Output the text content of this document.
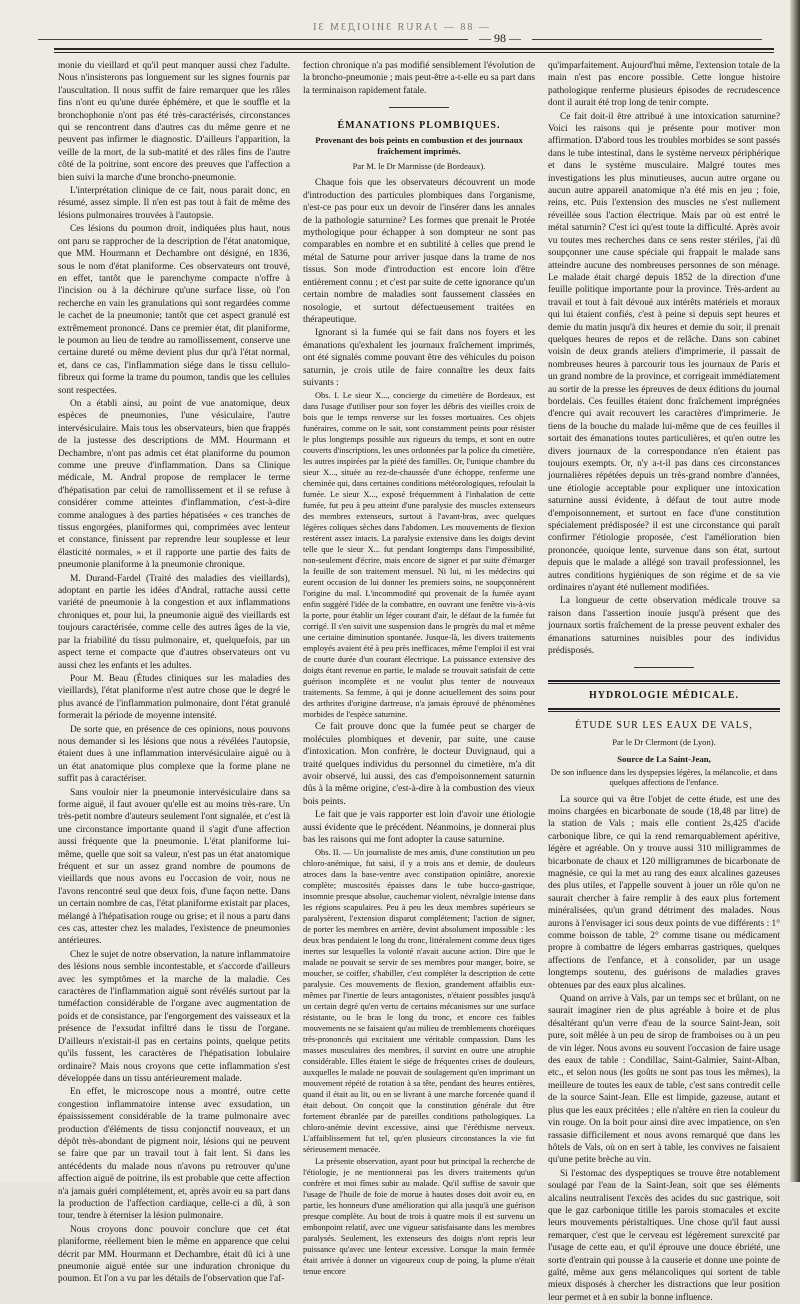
— 88 — JAЯUЯ ЗИІОІДЗМ ЗІ
— 98 —

monie du vieillard et qu'il peut manquer aussi chez l'adulte. Nous n'insisterons pas longuement sur les signes fournis par l'auscultation. Il nous suffit de faire remarquer que les râles fins n'ont eu qu'une durée éphémère, et que le souffle et la bronchophonie n'ont pas été très-caractérisés, circonstances qui se rencontrent dans d'autres cas du même genre et ne peuvent pas infirmer le diagnostic. D'ailleurs l'apparition, la veille de la mort, de la sub-matité et des râles fins de l'autre côté de la poitrine, sont encore des preuves que l'affection a bien suivi la marche d'une broncho-pneumonie.

L'interprétation clinique de ce fait, nous parait donc, en résumé, assez simple. Il n'en est pas tout à fait de même des lésions pulmonaires trouvées à l'autopsie.

Ces lésions du poumon droit, indiquées plus haut, nous ont paru se rapprocher de la description de l'état anatomique, que MM. Hourmann et Dechambre ont désigné, en 1836, sous le nom d'état planiforme. Ces observateurs ont trouvé, en effet, tantôt que le parenchyme compacte n'offre à l'incision ou à la déchirure qu'une surface lisse, où l'on recherche en vain les granulations qui sont regardées comme le cachet de la pneumonie; tantôt que cet aspect granulé est extrêmement prononcé. Dans ce premier état, dit planiforme, le poumon au lieu de tendre au ramollissement, conserve une certaine dureté ou même devient plus dur qu'à l'état normal, et, dans ce cas, l'inflammation siége dans le tissu cellulo-fibreux qui forme la trame du poumon, tandis que les cellules sont respectées.

On a établi ainsi, au point de vue anatomique, deux espèces de pneumonies, l'une vésiculaire, l'autre intervésiculaire. Mais tous les observateurs, bien que frappés de la justesse des descriptions de MM. Hourmann et Dechambre, n'ont pas admis cet état planiforme du poumon comme une preuve d'inflammation. Dans sa Clinique médicale, M. Andral propose de remplacer le terme d'hépatisation par celui de ramollissement et il se refuse à considérer comme atteintes d'inflammation, c'est-à-dire comme analogues à des parties hépatisées « ces tranches de tissus engorgées, planiformes qui, comprimées avec lenteur et constance, finissent par reprendre leur souplesse et leur élasticité normales, » et il rapporte une partie des faits de pneumonie planiforme à la pneumonie chronique.

M. Durand-Fardel (Traité des maladies des vieillards), adoptant en partie les idées d'Andral, rattache aussi cette variété de pneumonie à la congestion et aux inflammations chroniques et, pour lui, la pneumonie aiguë des vieillards est toujours caractérisée, comme celle des autres âges de la vie, par la friabilité du tissu pulmonaire, et, quelquefois, par un aspect terne et compacte que d'autres observateurs ont vu aussi chez les enfants et les adultes.

Pour M. Beau (Études cliniques sur les maladies des vieillards), l'état planiforme n'est autre chose que le degré le plus avancé de l'inflammation pulmonaire, dont l'état granulé formerait la période de moyenne intensité.

De sorte que, en présence de ces opinions, nous pouvons nous demander si les lésions que nous a révélées l'autopsie, étaient dues à une inflammation intervésiculaire aiguë ou à un état anatomique plus complexe que la forme plane ne suffit pas à caractériser.

Sans vouloir nier la pneumonie intervésiculaire dans sa forme aiguë, il faut avouer qu'elle est au moins très-rare. Un très-petit nombre d'auteurs seulement l'ont signalée, et c'est là une circonstance importante quand il s'agit d'une affection aussi fréquente que la pneumonie. L'état planiforme lui-même, quelle que soit sa valeur, n'est pas un état anatomique fréquent et sur un assez grand nombre de poumons de vieillards que nous avons eu l'occasion de voir, nous ne l'avons rencontré seul que deux fois, d'une façon nette. Dans un certain nombre de cas, l'état planiforme existait par places, mélangé à l'hépatisation rouge ou grise; et il nous a paru dans ces cas, attester chez les malades, l'existence de pneumonies antérieures.

Chez le sujet de notre observation, la nature inflammatoire des lésions nous semble incontestable, et s'accorde d'ailleurs avec les symptômes et la marche de la maladie. Ces caractères de l'inflammation aiguë sont révélés surtout par la tuméfaction considérable de l'organe avec augmentation de poids et de consistance, par l'engorgement des vaisseaux et la présence de l'exsudat infiltré dans le tissu de l'organe. D'ailleurs n'existait-il pas en certains points, quelque petits qu'ils fussent, les caractères de l'hépatisation lobulaire ordinaire? Mais nous croyons que cette inflammation s'est développée dans un tissu antérieurement malade.

En effet, le microscope nous a montré, outre cette congestion inflammatoire intense avec exsudation, un épaississement considérable de la trame pulmonaire avec production d'éléments de tissu conjonctif nouveaux, et un dépôt très-abondant de pigment noir, lésions qui ne peuvent se faire que par un travail tout à fait lent. Si dans les antécédents du malade nous n'avons pu retrouver qu'une affection aiguë de poitrine, ils est probable que cette affection n'a jamais guéri complétement, et, après avoir eu sa part dans la production de l'affection cardiaque, celle-ci a dû, à son tour, tendre à éterniser la lésion pulmonaire.

Nous croyons donc pouvoir conclure que cet état planiforme, réellement bien le même en apparence que celui décrit par MM. Hourmann et Dechambre, était dû ici à une pneumonie aiguë entée sur une induration chronique du poumon. Et l'on a vu par les détails de l'observation que l'af-

fection chronique n'a pas modifié sensiblement l'évolution de la broncho-pneumonie ; mais peut-être a-t-elle eu sa part dans la terminaison rapidement fatale.

ÉMANATIONS PLOMBIQUES.

Provenant des bois peints en combustion et des journaux fraîchement imprimés.

Par M. le Dr Marmisse (de Bordeaux).

Chaque fois que les observateurs découvrent un mode d'introduction des particules plombiques dans l'organisme, n'est-ce pas pour eux un devoir de l'insérer dans les annales de la pathologie saturnine? Les formes que prenait le Protée mythologique pour échapper à son dompteur ne sont pas comparables en nombre et en subtilité à celles que prend le métal de Saturne pour arriver jusque dans la trame de nos tissus. Son mode d'introduction est encore loin d'être entièrement connu ; et c'est par suite de cette ignorance qu'un certain nombre de maladies sont faussement classées en nosologie, et surtout défectueusement traitées en thérapeutique.

Ignorant si la fumée qui se fait dans nos foyers et les émanations qu'exhalent les journaux fraîchement imprimés, ont été signalés comme pouvant être des véhicules du poison saturnin, je crois utile de faire connaître les deux faits suivants :

Obs. I. Le sieur X..., concierge du cimetière de Bordeaux, est dans l'usage d'utiliser pour son foyer les débris des vieilles croix de bois que le temps renverse sur les fosses mortuaires. Ces objets funéraires, comme on le sait, sont constamment peints pour résister le plus longtemps possible aux rigueurs du temps, et sont en outre couverts d'inscriptions, les unes ordonnées par la police du cimetière, les autres inspirées par la piété des familles. Or, l'unique chambre du sieur X..., située au rez-de-chaussée d'une échoppe, renferme une cheminée qui, dans certaines conditions météorologiques, refoulait la fumée. Le sieur X..., exposé fréquemment à l'inhalation de cette fumée, fut peu à peu atteint d'une paralysie des muscles extenseurs des membres extenseurs, surtout à l'avant-bras, avec quelques légères coliques sèches dans l'abdomen. Les mouvements de flexion restèrent assez intacts. La paralysie extensive dans les doigts devint telle que le sieur X... fut pendant longtemps dans l'impossibilité, non-seulement d'écrire, mais encore de signer et par suite d'émarger la feuille de son traitement mensuel. Ni lui, ni les médecins qui eurent occasion de lui donner les premiers soins, ne soupçonnèrent l'origine du mal. L'incommodité qui provenait de la fumée ayant enfin suggéré l'idée de la combattre, en ouvrant une fenêtre vis-à-vis la porte, pour établir un léger courant d'air, le défaut de la fumée fut corrigé. Il s'en suivit une suspension dans le progrès du mal et même une certaine diminution spontanée. Jusque-là, les divers traitements employés avaient été à peu près inefficaces, même l'emploi il est vrai de courte durée d'un courant électrique. La puissance extensive des doigts étant revenue en partie, le malade se trouvait satisfait de cette guérison incomplète et ne voulut plus tenter de nouveaux traitements. Sa femme, à qui je donne actuellement des soins pour des arthrites d'origine dartreuse, n'a jamais éprouvé de phénomènes morbides de l'espèce saturnine.

Ce fait prouve donc que la fumée peut se charger de molécules plombiques et devenir, par suite, une cause d'intoxication. Mon confrère, le docteur Duvignaud, qui a traité quelques individus du personnel du cimetière, m'a dit avoir observé, lui aussi, des cas d'empoisonnement saturnin dûs à la même origine, c'est-à-dire à la combustion des vieux bois peints.

Le fait que je vais rapporter est loin d'avoir une étiologie aussi évidente que le précédent. Néanmoins, je donnerai plus bas les raisons qui me font adopter la cause saturnine.

Obs. II. — Un journaliste de mes amis, d'une constitution un peu chloro-anémique, fut saisi, il y a trois ans et demie, de douleurs atroces dans la base-ventre avec constipation opiniâtre, anorexie complète; muscosités épaisses dans le tube bucco-gastrique, insomnie presque absolue, cauchemar violent, névralgie intense dans les régions scapulaires. Peu à peu les deux membres supérieurs se paralysèrent, l'extension disparut complétement; l'action de signer, de porter les membres en arrière, devint absolument impossible : les deux bras pendaient le long du tronc, littéralement comme deux tiges inertes sur lesquelles la volonté n'avait aucune action. Dire que le malade ne pouvait se servir de ses membres pour manger, boire, se moucher, se coiffer, s'habiller, c'est compléter la description de cette paralysie. Ces mouvements de flexion, grandement affaiblis eux-mêmes par l'inertie de leurs antagonistes, n'étaient possibles jusqu'à un certain degré qu'en vertu de certains mécanismes sur une surface résistante, ou le bras le long du tronc, et encore ces faibles mouvements ne se faisaient qu'au milieu de tremblements choréiques très-prononcés qui excitaient une véritable compassion. Dans les masses musculaires des membres, il survint en outre une atrophie considérable. Elles étaient le siége de fréquentes crises de douleurs, auxquelles le malade ne pouvait de soulagement qu'en imprimant un mouvement répété de rotation à sa tête, pendant des heures entières, quand il était au lit, ou en se livrant à une marche forcenée quand il était debout. On conçoit que la constitution générale dut être fortement ébranlée par de pareilles conditions pathologiques. La chloro-anémie devint excessive, ainsi que l'éréthisme nerveux. L'affaiblissement fut tel, qu'en plusieurs circonstances la vie fut sérieusement menacée.

La présente observation, ayant pour but principal la recherche de l'étiologie, je ne mentionnerai pas les divers traitements qu'un confrère et moi fîmes subir au malade. Qu'il suffise de savoir que l'usage de l'huile de foie de morue à hautes doses doit avoir eu, en partie, les honneurs d'une amélioration qui alla jusqu'à une guérison presque complète. Au bout de trois à quatre mois il est survenu un embonpoint relatif, avec une vigueur satisfaisante dans les membres paralysés. Seulement, les extenseurs des doigts n'ont repris leur puissance qu'avec une lenteur excessive. Lorsque la main fermée était arrivée à donner un vigoureux coup de poing, la plume n'était tenue encore

qu'imparfaitement. Aujourd'hui même, l'extension totale de la main n'est pas encore possible. Cette longue histoire pathologique renferme plusieurs épisodes de recrudescence dont il aurait été trop long de tenir compte.

Ce fait doit-il être attribué à une intoxication saturnine? Voici les raisons qui je présente pour motiver mon affirmation. D'abord tous les troubles morbides se sont passés dans le tube intestinal, dans le système nerveux périphérique et dans le système musculaire. Malgré toutes mes investigations les plus minutieuses, aucun autre organe ou aucun autre appareil anatomique n'a été mis en jeu ; foie, reins, etc. Puis l'extension des muscles ne s'est nullement réveillée sous l'action électrique. Mais par où est entré le métal saturnin? C'est ici qu'est toute la difficulté. Après avoir vu toutes mes recherches dans ce sens rester stériles, j'ai dû soupçonner une cause spéciale qui frappait le malade sans atteindre aucune des nombreuses personnes de son ménage. Le malade était chargé depuis 1852 de la direction d'une feuille politique importante pour la province. Très-ardent au travail et tout à fait dévoué aux intérêts matériels et moraux qui lui étaient confiés, c'est à peine si depuis sept heures et demie du matin jusqu'à dix heures et demie du soir, il prenait quelques heures de repos et de relâche. Dans son cabinet voisin de deux grands ateliers d'imprimerie, il passait de nombreuses heures à parcourir tous les journaux de Paris et un grand nombre de la province, et corrigeait immédiatement au sortir de la presse les épreuves de deux éditions du journal bordelais. Ces feuilles étaient donc fraîchement imprégnées d'encre qui avait recouvert les caractères d'imprimerie. Je tiens de la bouche du malade lui-même que de ces feuilles il sortait des émanations toutes particulières, et qu'en outre les divers journaux de la correspondance n'en étaient pas toujours exempts. Or, n'y a-t-il pas dans ces circonstances journalières répétées depuis un très-grand nombre d'années, une étiologie acceptable pour expliquer une intoxication saturnine aussi évidente, à défaut de tout autre mode d'empoisonnement, et surtout en face d'une constitution spécialement prédisposée? il est une circonstance qui paraît confirmer l'étiologie proposée, c'est l'amélioration bien prononcée, quoique lente, survenue dans son état, surtout depuis que le malade a allégé son travail professionnel, les autres conditions hygiéniques de son régime et de sa vie ordinaires n'ayant été nullement modifiées.

La longueur de cette observation médicale trouve sa raison dans l'assertion inouïe jusqu'à présent que des journaux sortis fraîchement de la presse peuvent exhaler des émanations saturnines nuisibles pour des individus prédisposés.

HYDROLOGIE MÉDICALE.

ÉTUDE SUR LES EAUX DE VALS,

Par le Dr Clermont (de Lyon).

Source de La Saint-Jean,

De son influence dans les dyspepsies légères, la mélancolie, et dans quelques affections de l'enfance.

La source qui va être l'objet de cette étude, est une des moins chargées en bicarbonate de soude (18,48 par litre) de la station de Vals ; mais elle contient 2s,425 d'acide carbonique libre, ce qui la rend remarquablement apéritive, légère et agréable. On y trouve aussi 310 milligrammes de bicarbonate de chaux et 120 milligrammes de bicarbonate de magnésie, ce qui la met au rang des eaux alcalines gazeuses des plus utiles, et l'appelle souvent à jouer un rôle qu'on ne saurait chercher à faire remplir à des eaux plus fortement minéralisées, qu'un grand détriment des malades. Nous aurons à l'envisager ici sous deux points de vue différents : 1° comme boisson de table, 2° comme tisane ou médicament propre à combattre de légers embarras gastriques, quelques affections de l'enfance, et à consolider, par un usage longtemps soutenu, des guérisons de maladies graves obtenues par des eaux plus alcalines.

Quand on arrive à Vals, par un temps sec et brûlant, on ne saurait imaginer rien de plus agréable à boire et de plus désaltérant qu'un verre d'eau de la source Saint-Jean, soit pure, soit mêlée à un peu de sirop de framboises ou à un peu de vin léger. Nous avons eu souvent l'occasion de faire usage des eaux de table : Condillac, Saint-Galmier, Saint-Alban, etc., et selon nous (les goûts ne sont pas tous les mêmes), la meilleure de toutes les eaux de table, c'est sans contredit celle de la source Saint-Jean. Elle est limpide, gazeuse, autant et plus que les eaux précitées ; elle n'altère en rien la couleur du vin rouge. On la boit pour ainsi dire avec impatience, on s'en rassasie difficilement et nous avons remarqué que dans les hôtels de Vals, où on en sert à table, les convives ne faisaient qu'une petite brèche au vin.

Si l'estomac des dyspeptiques se trouve être notablement soulagé par l'eau de la Saint-Jean, soit que ses éléments alcalins neutralisent l'excès des acides du suc gastrique, soit que le gaz carbonique titille les parois stomacales et excite leurs mouvements péristaltiques. Une chose qu'il faut aussi remarquer, c'est que le cerveau est légèrement surexcité par l'usage de cette eau, et qu'il éprouve une douce ébriété, une sorte d'entrain qui pousse à la causerie et donne une pointe de gaîté, même aux gens mélancoliques qui sortent de table mieux disposés à chercher les distractions que leur position leur permet et à en subir la bonne influence.
